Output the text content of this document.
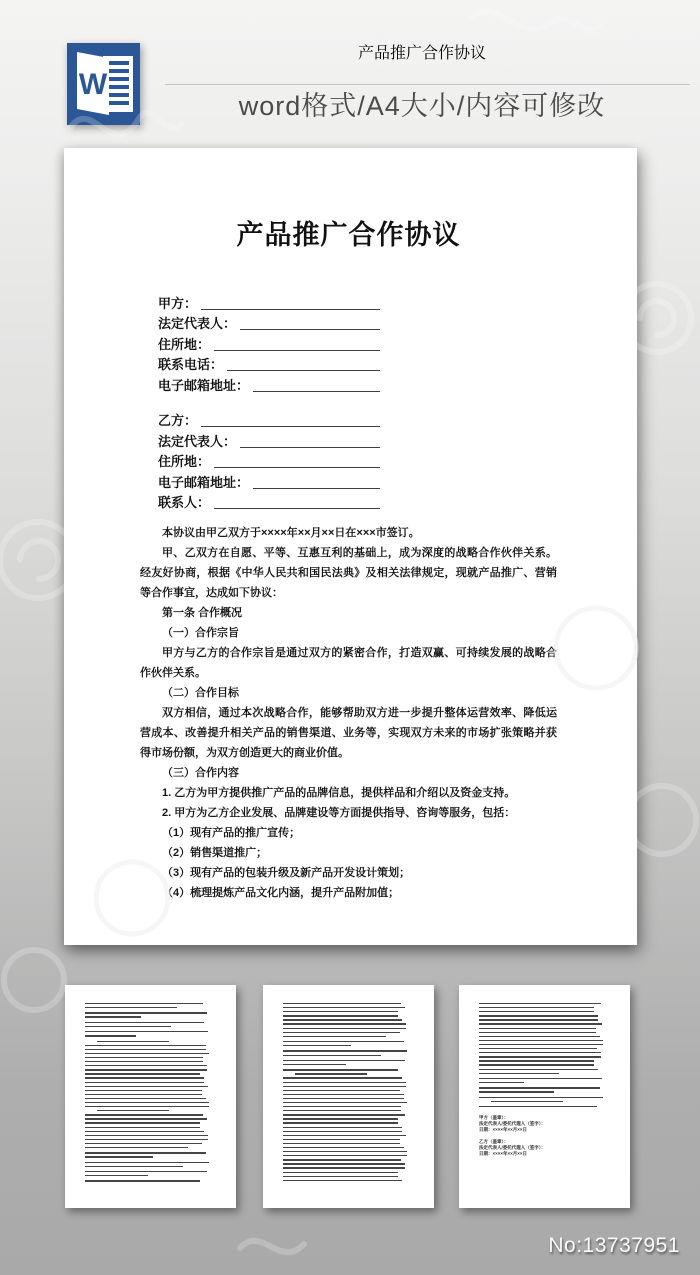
W
产品推广合作协议
word格式/A4大小/内容可修改
产品推广合作协议
甲方：
法定代表人：
住所地：
联系电话：
电子邮箱地址：
乙方：
法定代表人：
住所地：
电子邮箱地址：
联系人：

本协议由甲乙双方于××××年××月××日在×××市签订。

甲、乙双方在自愿、平等、互惠互利的基础上，成为深度的战略合作伙伴关系。经友好协商，根据《中华人民共和国民法典》及相关法律规定，现就产品推广、营销等合作事宜，达成如下协议：

第一条 合作概况

（一）合作宗旨

甲方与乙方的合作宗旨是通过双方的紧密合作，打造双赢、可持续发展的战略合作伙伴关系。

（二）合作目标

双方相信，通过本次战略合作，能够帮助双方进一步提升整体运营效率、降低运营成本、改善提升相关产品的销售渠道、业务等，实现双方未来的市场扩张策略并获得市场份额，为双方创造更大的商业价值。

（三）合作内容

1. 乙方为甲方提供推广产品的品牌信息，提供样品和介绍以及资金支持。

2. 甲方为乙方企业发展、品牌建设等方面提供指导、咨询等服务，包括：

（1）现有产品的推广宣传；

（2）销售渠道推广；

（3）现有产品的包装升级及新产品开发设计策划；

（4）梳理提炼产品文化内涵，提升产品附加值；

甲方（盖章）：
法定代表人/委托代理人（签字）：
日期：××××年××月××日
乙方（盖章）：
法定代表人/委托代理人（签字）：
日期：××××年××月××日
No:13737951
